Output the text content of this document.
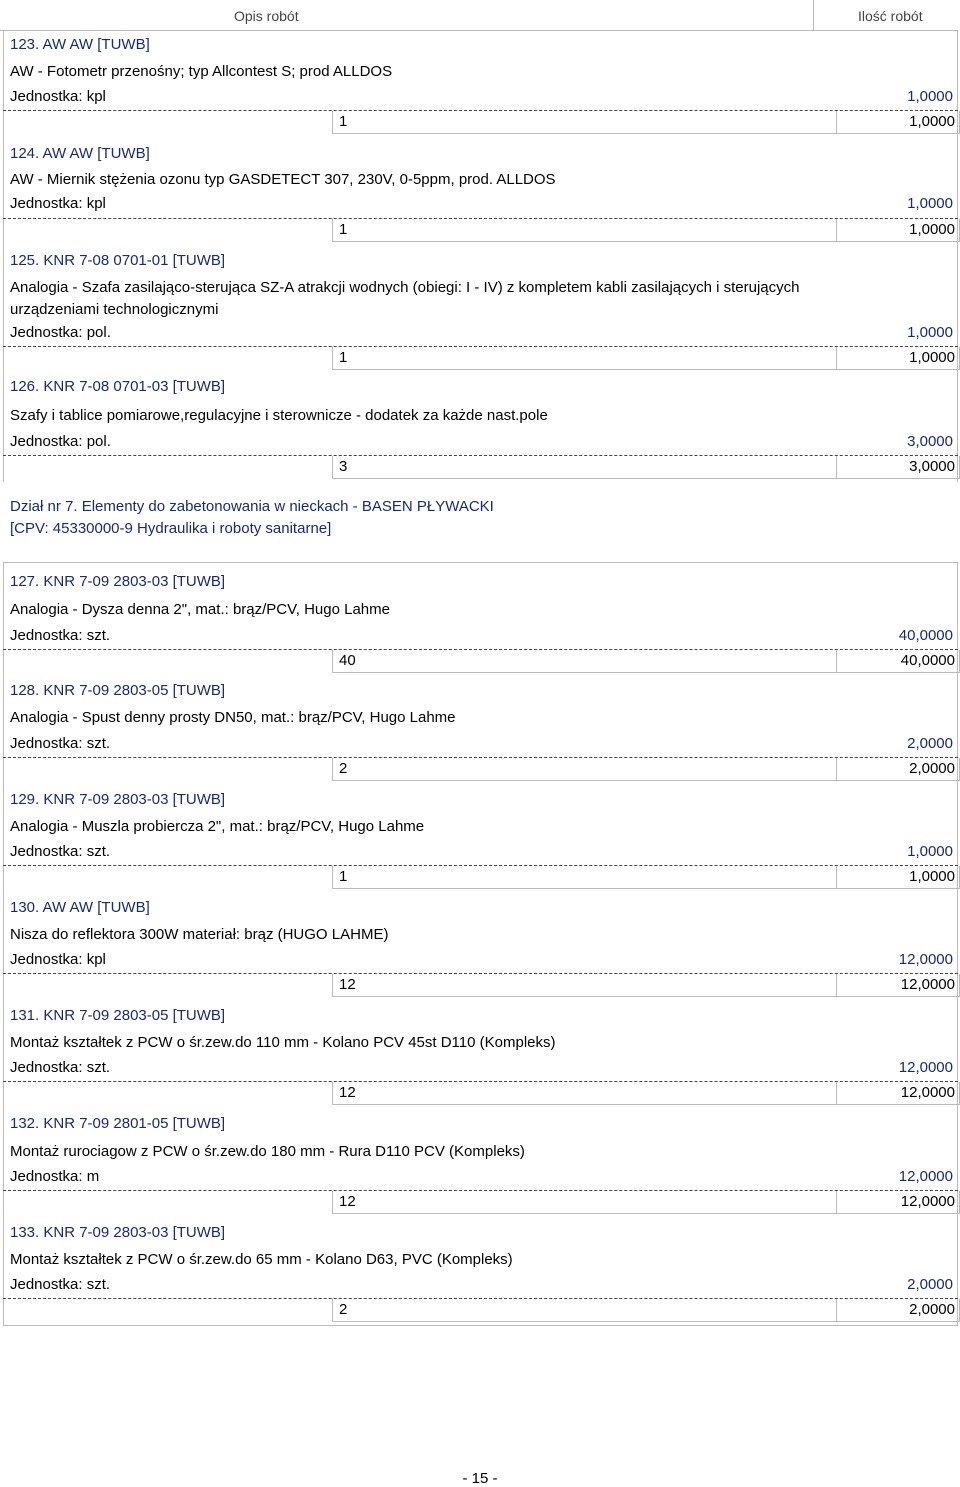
Opis robót	Ilość robót
123. AW AW [TUWB]
AW - Fotometr przenośny; typ Allcontest S; prod ALLDOS
Jednostka: kpl	1,0000
1	1,0000
124. AW AW [TUWB]
AW - Miernik stężenia ozonu typ GASDETECT 307, 230V, 0-5ppm, prod. ALLDOS
Jednostka: kpl	1,0000
1	1,0000
125. KNR 7-08 0701-01 [TUWB]
Analogia - Szafa zasilająco-sterująca SZ-A atrakcji wodnych (obiegi: I - IV) z kompletem kabli zasilających i sterujących
urządzeniami technologicznymi
Jednostka: pol.	1,0000
1	1,0000
126. KNR 7-08 0701-03 [TUWB]
Szafy i tablice pomiarowe,regulacyjne i sterownicze - dodatek za każde nast.pole
Jednostka: pol.	3,0000
3	3,0000
Dział nr 7. Elementy do zabetonowania w nieckach - BASEN PŁYWACKI
[CPV: 45330000-9 Hydraulika i roboty sanitarne]
127. KNR 7-09 2803-03 [TUWB]
Analogia - Dysza denna 2", mat.: brąz/PCV, Hugo Lahme
Jednostka: szt.	40,0000
40	40,0000
128. KNR 7-09 2803-05 [TUWB]
Analogia - Spust denny prosty DN50, mat.: brąz/PCV, Hugo Lahme
Jednostka: szt.	2,0000
2	2,0000
129. KNR 7-09 2803-03 [TUWB]
Analogia - Muszla probiercza 2", mat.: brąz/PCV, Hugo Lahme
Jednostka: szt.	1,0000
1	1,0000
130. AW AW [TUWB]
Nisza do reflektora 300W materiał: brąz (HUGO LAHME)
Jednostka: kpl	12,0000
12	12,0000
131. KNR 7-09 2803-05 [TUWB]
Montaż kształtek z PCW o śr.zew.do 110 mm - Kolano PCV 45st D110 (Kompleks)
Jednostka: szt.	12,0000
12	12,0000
132. KNR 7-09 2801-05 [TUWB]
Montaż rurociagow z PCW o śr.zew.do 180 mm - Rura D110 PCV (Kompleks)
Jednostka: m	12,0000
12	12,0000
133. KNR 7-09 2803-03 [TUWB]
Montaż kształtek z PCW o śr.zew.do 65 mm - Kolano D63, PVC (Kompleks)
Jednostka: szt.	2,0000
2	2,0000
- 15 -
